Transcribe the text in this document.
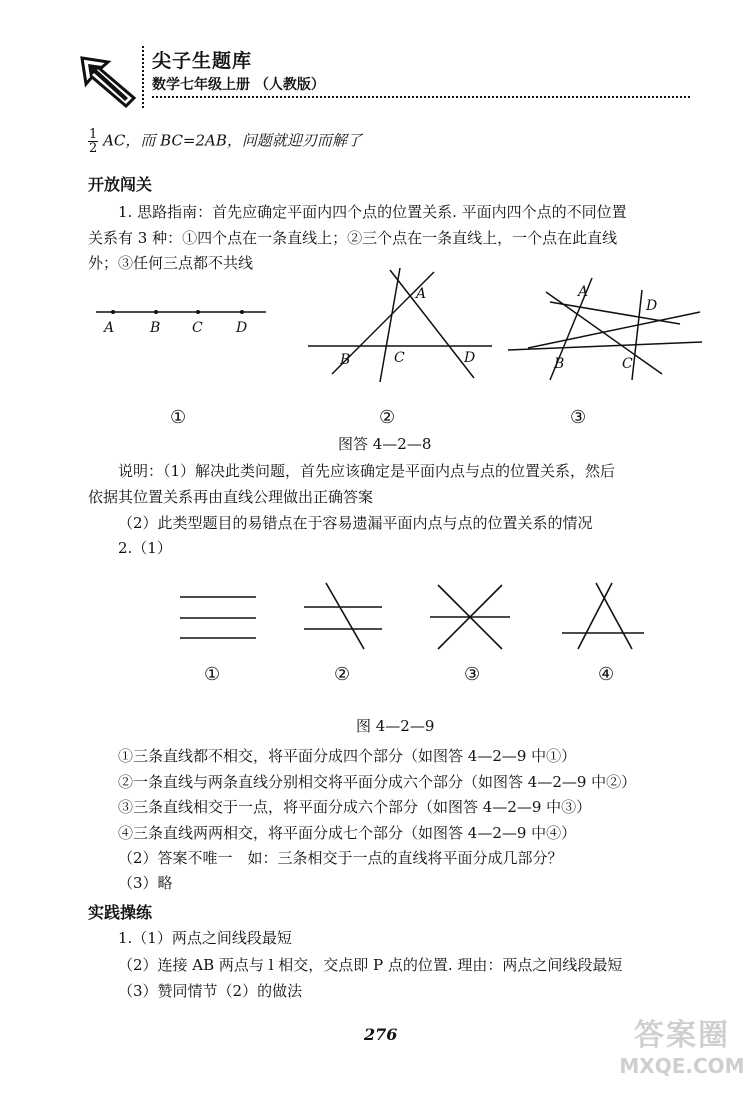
尖子生题库
数学七年级上册 （人教版）
$\frac{1}{2}$ AC，而 BC=2AB，问题就迎刃而解了
开放闯关
1. 思路指南：首先应确定平面内四个点的位置关系. 平面内四个点的不同位置
关系有 3 种：①四个点在一条直线上；②三个点在一条直线上，一个点在此直线
外；③任何三点都不共线
A	B C D
A
B	C	D
A
D
B	C
①	②	③
图答 4—2—8
说明：（1）解决此类问题，首先应该确定是平面内点与点的位置关系，然后
依据其位置关系再由直线公理做出正确答案
（2）此类型题目的易错点在于容易遗漏平面内点与点的位置关系的情况
2.（1）
①	②	③	④
图 4—2—9
①三条直线都不相交，将平面分成四个部分（如图答 4—2—9 中①）
②一条直线与两条直线分别相交将平面分成六个部分（如图答 4—2—9 中②）
③三条直线相交于一点，将平面分成六个部分（如图答 4—2—9 中③）
④三条直线两两相交，将平面分成七个部分（如图答 4—2—9 中④）
（2）答案不唯一　如：三条相交于一点的直线将平面分成几部分？
（3）略
实践操练
1.（1）两点之间线段最短
（2）连接 AB 两点与 l 相交，交点即 P 点的位置. 理由：两点之间线段最短
（3）赞同情节（2）的做法
276	答案圈
MXQE.COM
